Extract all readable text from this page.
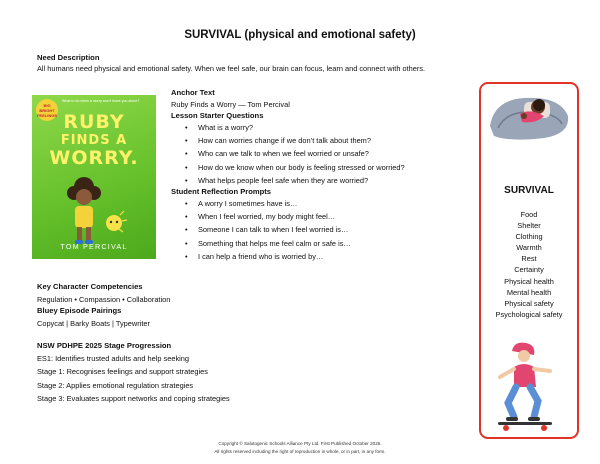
SURVIVAL (physical and emotional safety)
Need Description
All humans need physical and emotional safety. When we feel safe, our brain can focus, learn and connect with others.
BIG BRIGHT FEELINGS
What to do when a worry won't leave you alone?
RUBY
FINDS A
WORRY.
TOM PERCIVAL
Anchor Text
Ruby Finds a Worry — Tom Percival
Lesson Starter Questions
• What is a worry?
• How can worries change if we don’t talk about them?
• Who can we talk to when we feel worried or unsafe?
• How do we know when our body is feeling stressed or worried?
• What helps people feel safe when they are worried?
Student Reflection Prompts
• A worry I sometimes have is…
• When I feel worried, my body might feel…
• Someone I can talk to when I feel worried is…
• Something that helps me feel calm or safe is…
• I can help a friend who is worried by…
Key Character Competencies
Regulation • Compassion • Collaboration
Bluey Episode Pairings
Copycat | Barky Boats | Typewriter
NSW PDHPE 2025 Stage Progression
ES1: Identifies trusted adults and help seeking
Stage 1: Recognises feelings and support strategies
Stage 2: Applies emotional regulation strategies
Stage 3: Evaluates support networks and coping strategies
SURVIVAL
Food
Shelter
Clothing
Warmth
Rest
Certainty
Physical health
Mental health
Physical safety
Psychological safety
Copyright © Salutogenic Schools Alliance Pty Ltd. First Published October 2025.
All rights reserved including the right of reproduction in whole, or in part, in any form.
